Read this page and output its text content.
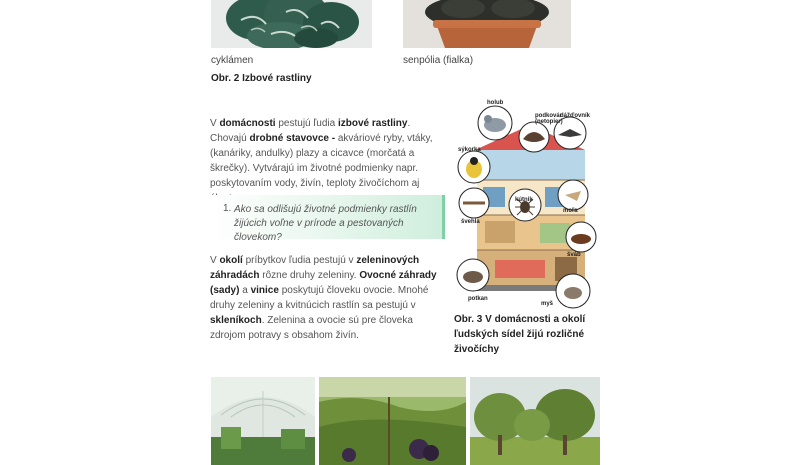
cyklámen	senpólia (fialka)
Obr. 2 Izbové rastliny
V domácnosti pestujú ľudia izbové rastliny. Chovajú drobné stavovce - akváriové ryby, vtáky, (kanáriky, andulky) plazy a cicavce (morčatá a škrečky). Vytvárajú im životné podmienky napr. poskytovaním vody, živín, teploty živočíchom aj
1. Ako sa odlišujú životné podmienky rastlín žijúcich voľne v prírode a pestovaných človekom?
V okolí príbytkov ľudia pestujú v zeleninových záhradách rôzne druhy zeleniny. Ovocné záhrady (sady) a vinice poskytujú človeku ovocie. Mnohé druhy zeleniny a kvitnúcich rastlín sa pestujú v skleníkoch. Zelenina a ovocie sú pre človeka zdrojom potravy s obsahom živín.
holub
podkovár
(netopier)
dážďovník
sýkorka
švehla
kútnik
moľa
šváb
potkan
myš
Obr. 3 V domácnosti a okolí ľudských sídel žijú rozličné živočíchy
